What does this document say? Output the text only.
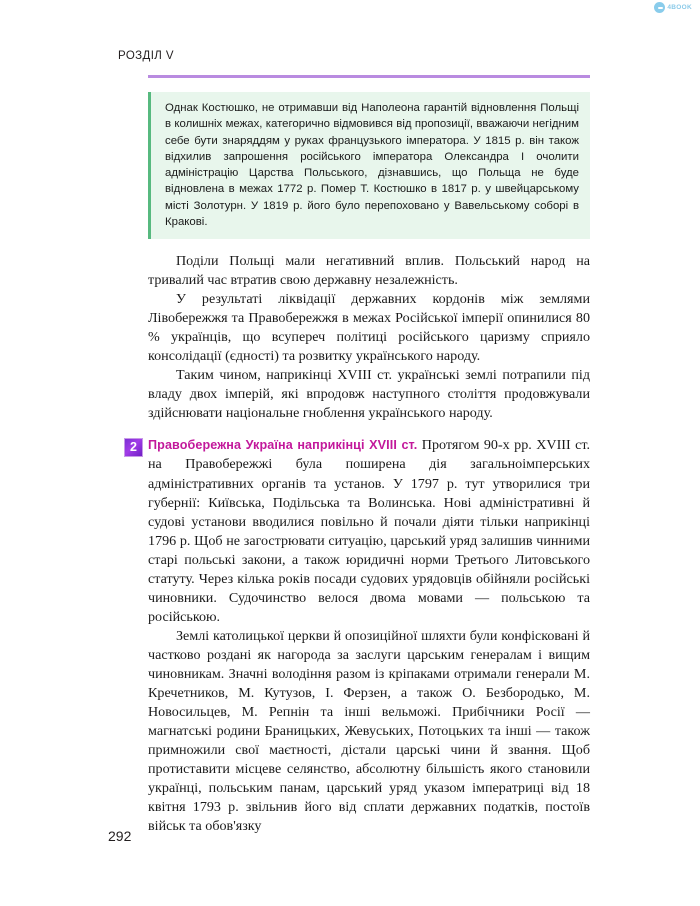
4BOOK
РОЗДІЛ V

Однак Костюшко, не отримавши від Наполеона гарантій відновлення Польщі в колишніх межах, категорично відмовився від пропозиції, вважаючи негідним себе бути знаряддям у руках французького імператора. У 1815 р. він також відхилив запрошення російського імператора Олександра I очолити адміністрацію Царства Польського, дізнавшись, що Польща не буде відновлена в межах 1772 р. Помер Т. Костюшко в 1817 р. у швейцарському місті Золотурн. У 1819 р. його було перепоховано у Вавельському соборі в Кракові.

Поділи Польщі мали негативний вплив. Польський народ на тривалий час втратив свою державну незалежність.

У результаті ліквідації державних кордонів між землями Лівобережжя та Правобережжя в межах Російської імперії опинилися 80 % українців, що всупереч політиці російського царизму сприяло консолідації (єдності) та розвитку українського народу.

Таким чином, наприкінці XVIII ст. українські землі потрапили під владу двох імперій, які впродовж наступного століття продовжували здійснювати національне гноблення українського народу.

2 Правобережна Україна наприкінці XVIII ст. Протягом 90-х рр. XVIII ст. на Правобережжі була поширена дія загальноімперських адміністративних органів та установ. У 1797 р. тут утворилися три губернії: Київська, Подільська та Волинська. Нові адміністративні й судові установи вводилися повільно й почали діяти тільки наприкінці 1796 р. Щоб не загострювати ситуацію, царський уряд залишив чинними старі польські закони, а також юридичні норми Третього Литовського статуту. Через кілька років посади судових урядовців обійняли російські чиновники. Судочинство велося двома мовами — польською та російською.

Землі католицької церкви й опозиційної шляхти були конфісковані й частково роздані як нагорода за заслуги царським генералам і вищим чиновникам. Значні володіння разом із кріпаками отримали генерали М. Кречетников, М. Кутузов, І. Ферзен, а також О. Безбородько, М. Новосильцев, М. Репнін та інші вельможі. Прибічники Росії — магнатські родини Браницьких, Жевуських, Потоцьких та інші — також примножили свої маєтності, дістали царські чини й звання. Щоб протиставити місцеве селянство, абсолютну більшість якого становили українці, польським панам, царський уряд указом імператриці від 18 квітня 1793 р. звільнив його від сплати державних податків, постоїв військ та обов'язку

292
